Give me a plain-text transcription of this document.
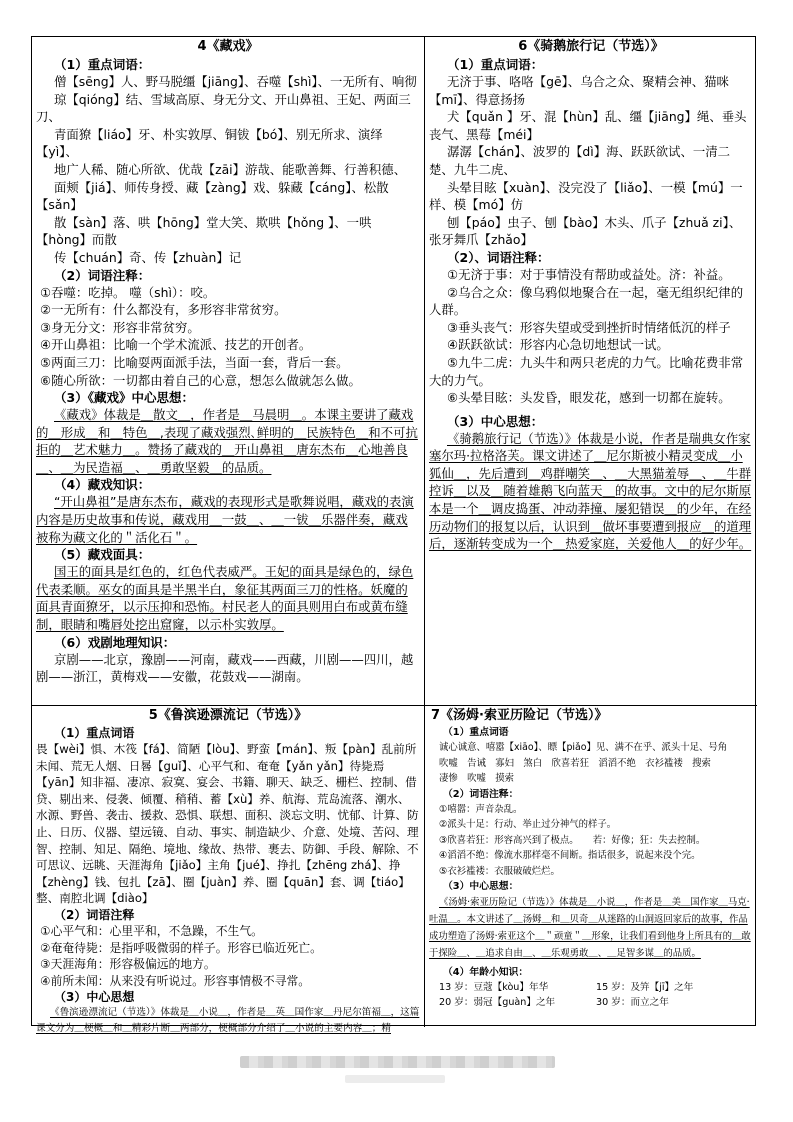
4《藏戏》
（1）重点词语：
僧【sēng】人、野马脱缰【jiāng】、吞噬【shì】、一无所有、响彻
琼【qióng】结、雪域高原、身无分文、开山鼻祖、王妃、两面三刀、
青面獠【liáo】牙、朴实敦厚、铜钹【bó】、别无所求、演绎【yì】、
地广人稀、随心所欲、优哉【zāi】游哉、能歌善舞、行善积德、
面颊【jiá】、师传身授、藏【zàng】戏、躲藏【cáng】、松散【sǎn】
散【sàn】落、哄【hōng】堂大笑、欺哄【hǒng 】、一哄【hòng】而散
传【chuán】奇、传【zhuàn】记
（2）词语注释：
①吞噬：吃掉。 噬（shì）：咬。
②一无所有：什么都没有，多形容非常贫穷。
③身无分文：形容非常贫穷。
④开山鼻祖：比喻一个学术流派、技艺的开创者。
⑤两面三刀：比喻耍两面派手法，当面一套，背后一套。
⑥随心所欲：一切都由着自己的心意，想怎么做就怎么做。
（3）《藏戏》中心思想：
《藏戏》体裁是＿散文＿，作者是＿马晨明＿。本课主要讲了藏戏的＿形成＿和＿特色＿,表现了藏戏强烈､鲜明的＿民族特色＿和不可抗拒的＿艺术魅力＿。赞扬了藏戏的＿开山鼻祖＿唐东杰布＿心地善良＿、＿为民造福＿、＿勇敢坚毅＿的品质。
（4）藏戏知识：
“开山鼻祖”是唐东杰布，藏戏的表现形式是歌舞说唱，藏戏的表演内容是历史故事和传说，藏戏用＿一鼓＿、＿一钹＿乐器伴奏，藏戏被称为藏文化的＂活化石＂。
（5）藏戏面具：
国王的面具是红色的，红色代表威严。王妃的面具是绿色的，绿色代表柔顺。巫女的面具是半黑半白，象征其两面三刀的性格。妖魔的面具青面獠牙，以示压抑和恐怖。村民老人的面具则用白布或黄布缝制，眼睛和嘴唇处挖出窟窿，以示朴实敦厚。
（6）戏剧地理知识：
京剧——北京，豫剧——河南，藏戏——西藏，川剧——四川，越剧——浙江，黄梅戏——安徽，花鼓戏——湖南。
6《骑鹅旅行记（节选）》
（1）重点词语：
无济于事、咯咯【gē】、乌合之众、聚精会神、猫咪【mī】、得意扬扬
犬【quǎn 】牙、混【hùn】乱、缰【jiāng】绳、垂头丧气、黑莓【méi】
潺潺【chán】、波罗的【dì】海、跃跃欲试、一清二楚、九牛二虎、
头晕目眩【xuàn】、没完没了【liǎo】、一模【mú】一样、模【mó】仿
刨【páo】虫子、刨【bào】木头、爪子【zhuǎ zi】、张牙舞爪【zhǎo】
（2）、词语注释：
①无济于事：对于事情没有帮助或益处。济：补益。
②乌合之众：像乌鸦似地聚合在一起，毫无组织纪律的人群。
③垂头丧气：形容失望或受到挫折时情绪低沉的样子
④跃跃欲试：形容内心急切地想试一试。
⑤九牛二虎：九头牛和两只老虎的力气。比喻花费非常大的力气。
⑥头晕目眩：头发昏，眼发花，感到一切都在旋转。
（3）中心思想：
《骑鹅旅行记（节选）》体裁是小说，作者是瑞典女作家塞尔玛·拉格洛芙。课文讲述了＿尼尔斯被小精灵变成＿小狐仙＿，先后遭到＿鸡群嘲笑＿、＿大黑猫羞辱＿、＿牛群控诉＿以及＿随着雄鹅飞向蓝天＿的故事。文中的尼尔斯原本是一个＿调皮捣蛋、冲动莽撞、屡犯错误＿的少年，在经历动物们的报复以后，认识到＿做坏事要遭到报应＿的道理后，逐渐转变成为一个＿热爱家庭，关爱他人＿的好少年。
5《鲁滨逊漂流记（节选）》
（1）重点词语
畏【wèi】惧、木筏【fá】、简陋【lòu】、野蛮【mán】、叛【pàn】乱前所未闻、荒无人烟、日晷【guǐ】、心平气和、奄奄【yǎn yǎn】待毙焉【yān】知非福、凄凉、寂寞、宴会、书籍、聊天、缺乏、栅栏、控制、借贷、剔出来、侵袭、倾覆、稍稍、蓄【xù】养、航海、荒岛流落、潮水、水源、野兽、袭击、援救、恐惧、联想、面积、淡忘文明、忧郁、计算、防止、日历、仪器、望远镜、自动、事实、制造缺少、介意、处境、苦闷、理智、控制、知足、隔绝、境地、缘故、热带、裹去、防御、手段、解除、不可思议、远眺、天涯海角【jiǎo】主角【jué】、挣扎【zhēng zhá】、挣【zhèng】钱、包扎【zā】、圈【juàn】养、圈【quān】套、调【tiáo】整、南腔北调【diào】
（2）词语注释
①心平气和：心里平和，不急躁，不生气。
②奄奄待毙：是指呼吸微弱的样子。形容已临近死亡。
③天涯海角：形容极偏远的地方。
④前所未闻：从来没有听说过。形容事情极不寻常。
（3）中心思想
《鲁滨逊漂流记（节选）》体裁是＿小说＿，作者是＿英＿国作家＿丹尼尔笛福＿，这篇课文分为＿梗概＿和＿精彩片断＿两部分，梗概部分介绍了＿小说的主要内容＿；精
7《汤姆·索亚历险记（节选）》
（1）重点词语
诚心诚意、嘻嚣【xiāo】、瞟【piǎo】见、满不在乎、派头十足、号角
吹嘘　告诫　寡妇　煞白　欣喜若狂　滔滔不绝　衣衫褴褛　搜索
凄惨　吹嘘　摸索
（2）词语注释：
①嘻嚣：声音杂乱。
②派头十足：行动、举止过分神气的样子。
③欣喜若狂：形容高兴到了极点。　　若：好像；狂：失去控制。
④滔滔不绝：像流水那样毫不间断。指话很多，说起来没个完。
⑤衣衫褴褛：衣服破破烂烂。
（3）中心思想：
《汤姆·索亚历险记（节选）》体裁是＿小说＿，作者是＿美＿国作家＿马克·吐温＿。本文讲述了＿汤姆＿和＿贝奇＿从迷路的山洞返回家后的故事，作品成功塑造了汤姆·索亚这个＿＂顽童＂＿形象，让我们看到他身上所具有的＿敢于探险＿、＿追求自由＿、＿乐观勇敢＿、＿足智多谋＿的品质。
（4）年龄小知识：
13 岁：豆蔻【kòu】年华	15 岁：及笄【jī】之年
20 岁：弱冠【guàn】之年	30 岁：而立之年
